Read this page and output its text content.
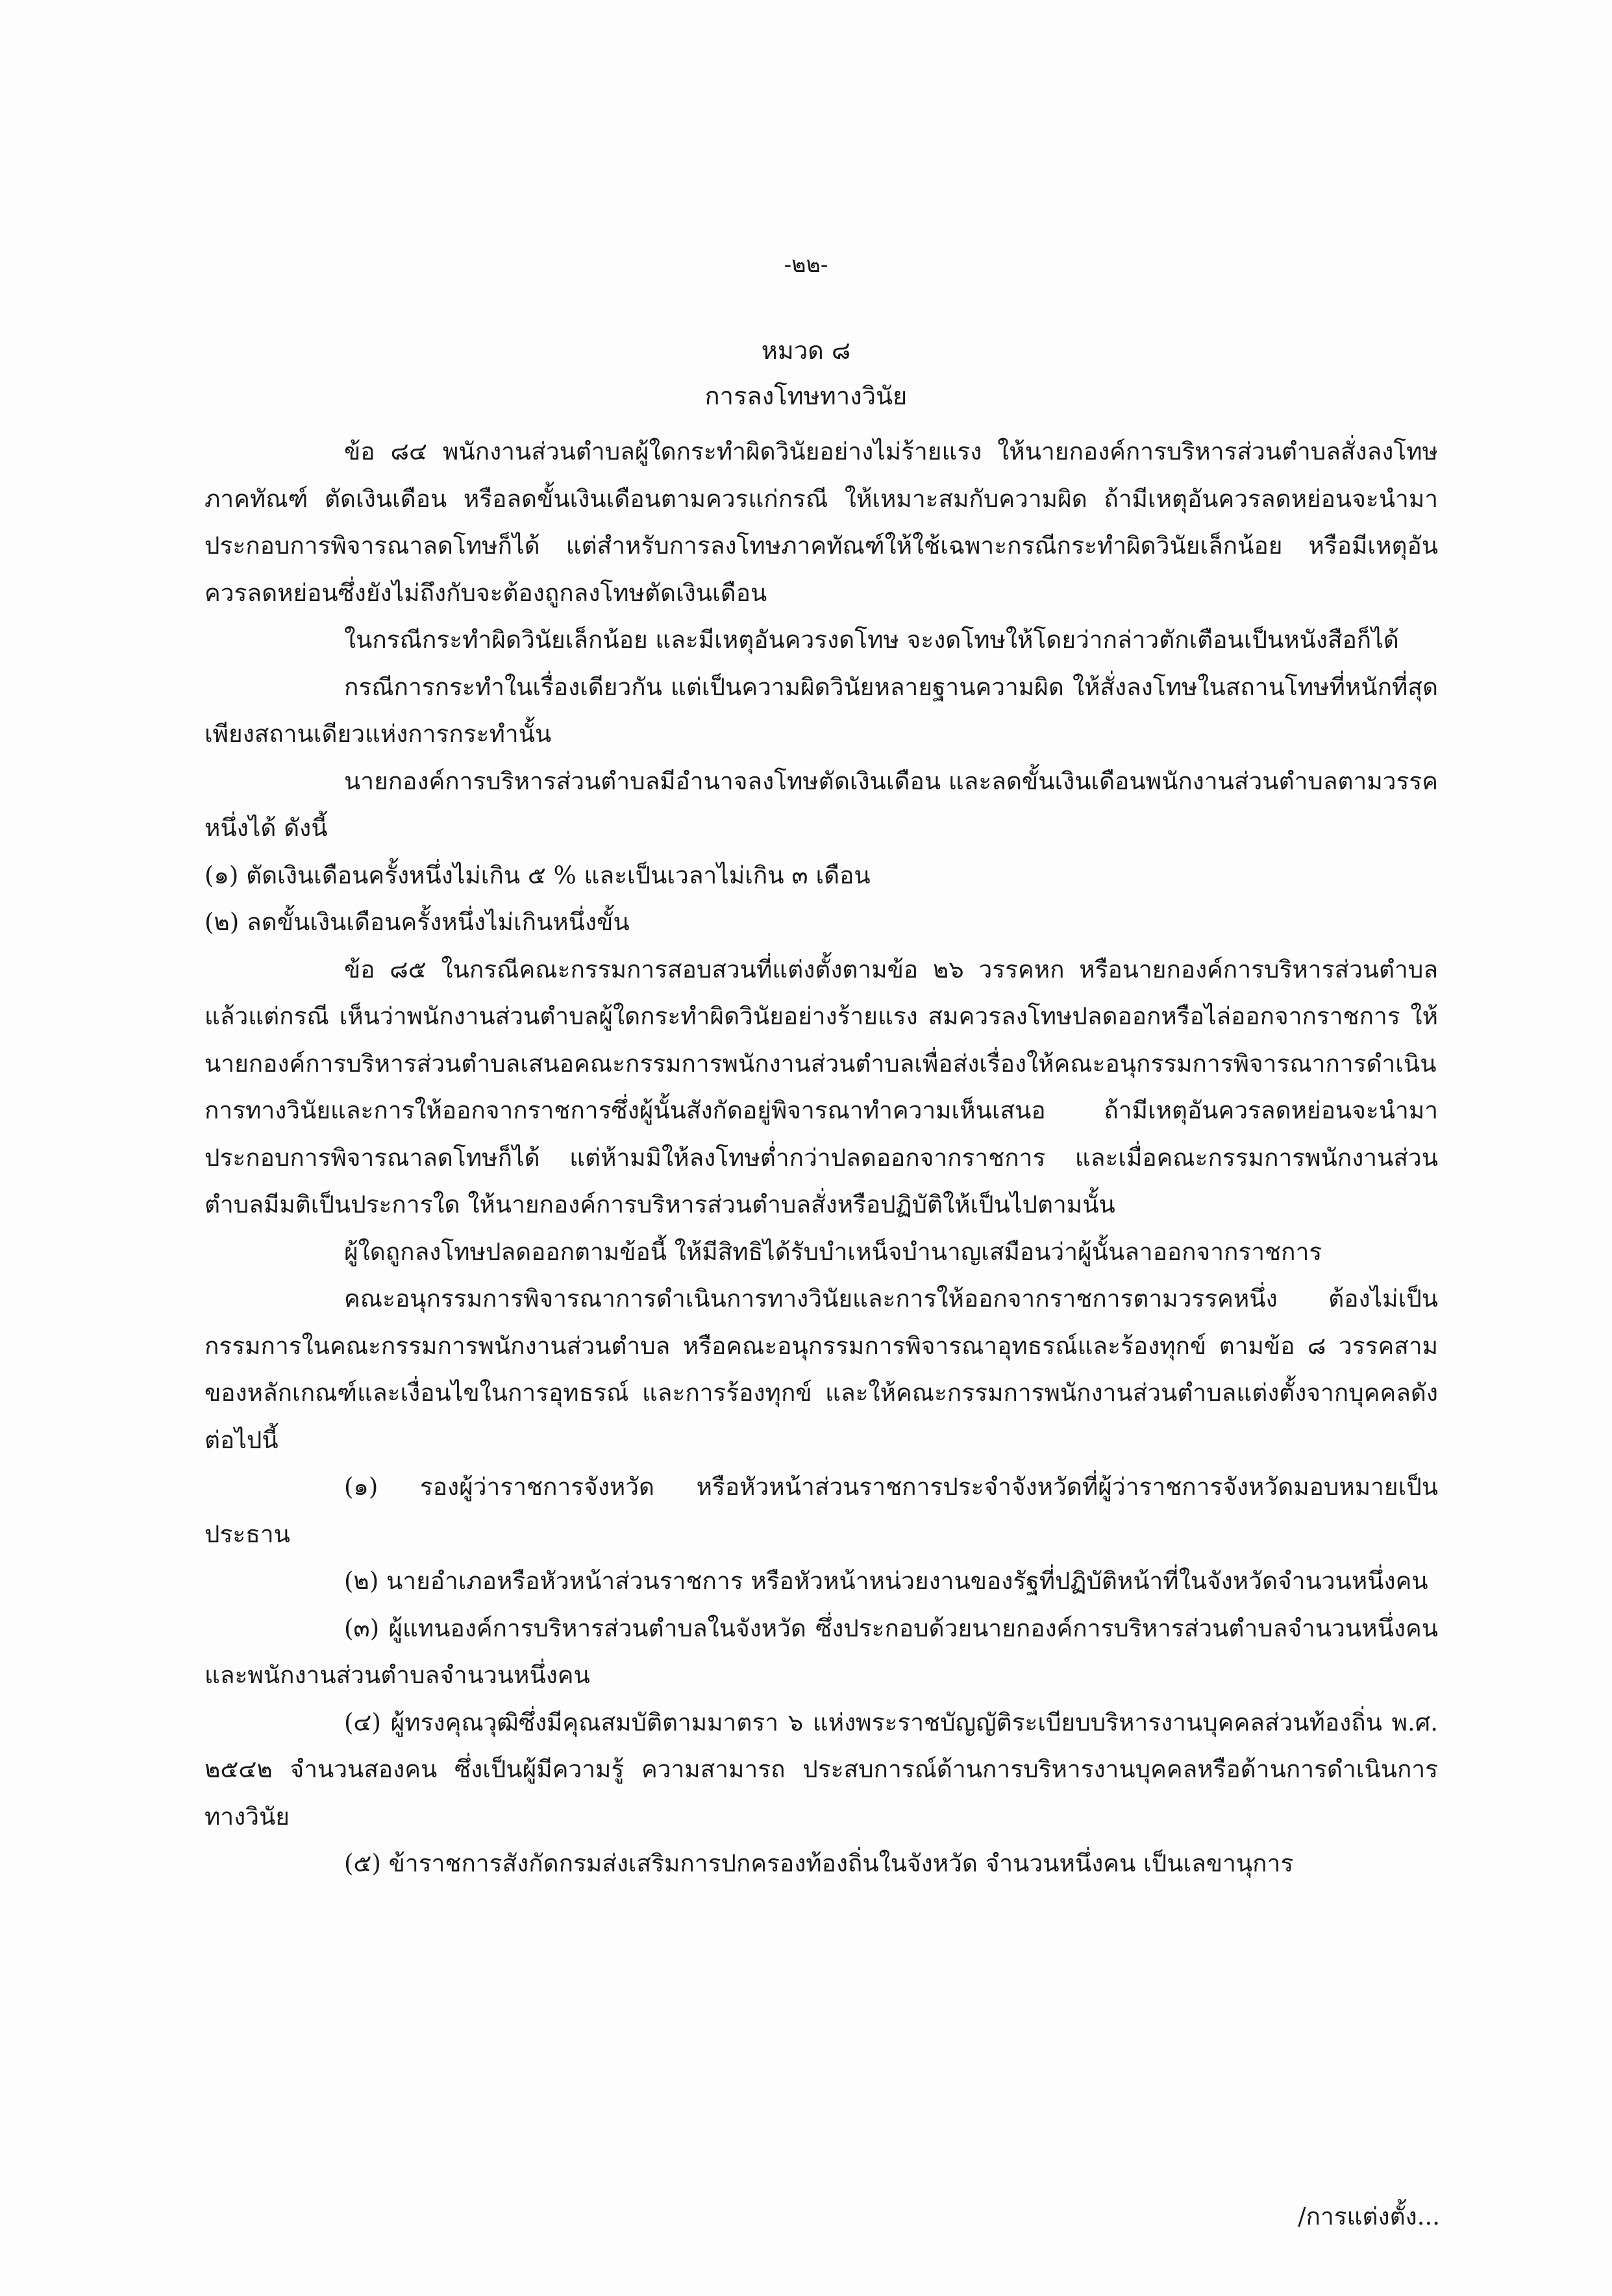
-๒๒-
หมวด ๘
การลงโทษทางวินัย

ข้อ ๘๔ พนักงานส่วนตำบลผู้ใดกระทำผิดวินัยอย่างไม่ร้ายแรง ให้นายกองค์การบริหารส่วนตำบลสั่งลงโทษภาคทัณฑ์ ตัดเงินเดือน หรือลดขั้นเงินเดือนตามควรแก่กรณี ให้เหมาะสมกับความผิด ถ้ามีเหตุอันควรลดหย่อนจะนำมาประกอบการพิจารณาลดโทษก็ได้ แต่สำหรับการลงโทษภาคทัณฑ์ให้ใช้เฉพาะกรณีกระทำผิดวินัยเล็กน้อย หรือมีเหตุอันควรลดหย่อนซึ่งยังไม่ถึงกับจะต้องถูกลงโทษตัดเงินเดือน

ในกรณีกระทำผิดวินัยเล็กน้อย และมีเหตุอันควรงดโทษ จะงดโทษให้โดยว่ากล่าวตักเตือนเป็นหนังสือก็ได้

กรณีการกระทำในเรื่องเดียวกัน แต่เป็นความผิดวินัยหลายฐานความผิด ให้สั่งลงโทษในสถานโทษที่หนักที่สุดเพียงสถานเดียวแห่งการกระทำนั้น

นายกองค์การบริหารส่วนตำบลมีอำนาจลงโทษตัดเงินเดือน และลดขั้นเงินเดือนพนักงานส่วนตำบลตามวรรคหนึ่งได้ ดังนี้

(๑) ตัดเงินเดือนครั้งหนึ่งไม่เกิน ๕ % และเป็นเวลาไม่เกิน ๓ เดือน

(๒) ลดขั้นเงินเดือนครั้งหนึ่งไม่เกินหนึ่งขั้น

ข้อ ๘๕ ในกรณีคณะกรรมการสอบสวนที่แต่งตั้งตามข้อ ๒๖ วรรคหก หรือนายกองค์การบริหารส่วนตำบลแล้วแต่กรณี เห็นว่าพนักงานส่วนตำบลผู้ใดกระทำผิดวินัยอย่างร้ายแรง สมควรลงโทษปลดออกหรือไล่ออกจากราชการ ให้นายกองค์การบริหารส่วนตำบลเสนอคณะกรรมการพนักงานส่วนตำบลเพื่อส่งเรื่องให้คณะอนุกรรมการพิจารณาการดำเนินการทางวินัยและการให้ออกจากราชการซึ่งผู้นั้นสังกัดอยู่พิจารณาทำความเห็นเสนอ ถ้ามีเหตุอันควรลดหย่อนจะนำมาประกอบการพิจารณาลดโทษก็ได้ แต่ห้ามมิให้ลงโทษต่ำกว่าปลดออกจากราชการ และเมื่อคณะกรรมการพนักงานส่วนตำบลมีมติเป็นประการใด ให้นายกองค์การบริหารส่วนตำบลสั่งหรือปฏิบัติให้เป็นไปตามนั้น

ผู้ใดถูกลงโทษปลดออกตามข้อนี้ ให้มีสิทธิได้รับบำเหน็จบำนาญเสมือนว่าผู้นั้นลาออกจากราชการ

คณะอนุกรรมการพิจารณาการดำเนินการทางวินัยและการให้ออกจากราชการตามวรรคหนึ่ง ต้องไม่เป็นกรรมการในคณะกรรมการพนักงานส่วนตำบล หรือคณะอนุกรรมการพิจารณาอุทธรณ์และร้องทุกข์ ตามข้อ ๘ วรรคสาม ของหลักเกณฑ์และเงื่อนไขในการอุทธรณ์ และการร้องทุกข์ และให้คณะกรรมการพนักงานส่วนตำบลแต่งตั้งจากบุคคลดังต่อไปนี้

(๑) รองผู้ว่าราชการจังหวัด หรือหัวหน้าส่วนราชการประจำจังหวัดที่ผู้ว่าราชการจังหวัดมอบหมายเป็นประธาน

(๒) นายอำเภอหรือหัวหน้าส่วนราชการ หรือหัวหน้าหน่วยงานของรัฐที่ปฏิบัติหน้าที่ในจังหวัดจำนวนหนึ่งคน

(๓) ผู้แทนองค์การบริหารส่วนตำบลในจังหวัด ซึ่งประกอบด้วยนายกองค์การบริหารส่วนตำบลจำนวนหนึ่งคน และพนักงานส่วนตำบลจำนวนหนึ่งคน

(๔) ผู้ทรงคุณวุฒิซึ่งมีคุณสมบัติตามมาตรา ๖ แห่งพระราชบัญญัติระเบียบบริหารงานบุคคลส่วนท้องถิ่น พ.ศ. ๒๕๔๒ จำนวนสองคน ซึ่งเป็นผู้มีความรู้ ความสามารถ ประสบการณ์ด้านการบริหารงานบุคคลหรือด้านการดำเนินการทางวินัย

(๕) ข้าราชการสังกัดกรมส่งเสริมการปกครองท้องถิ่นในจังหวัด จำนวนหนึ่งคน เป็นเลขานุการ

/การแต่งตั้ง...
